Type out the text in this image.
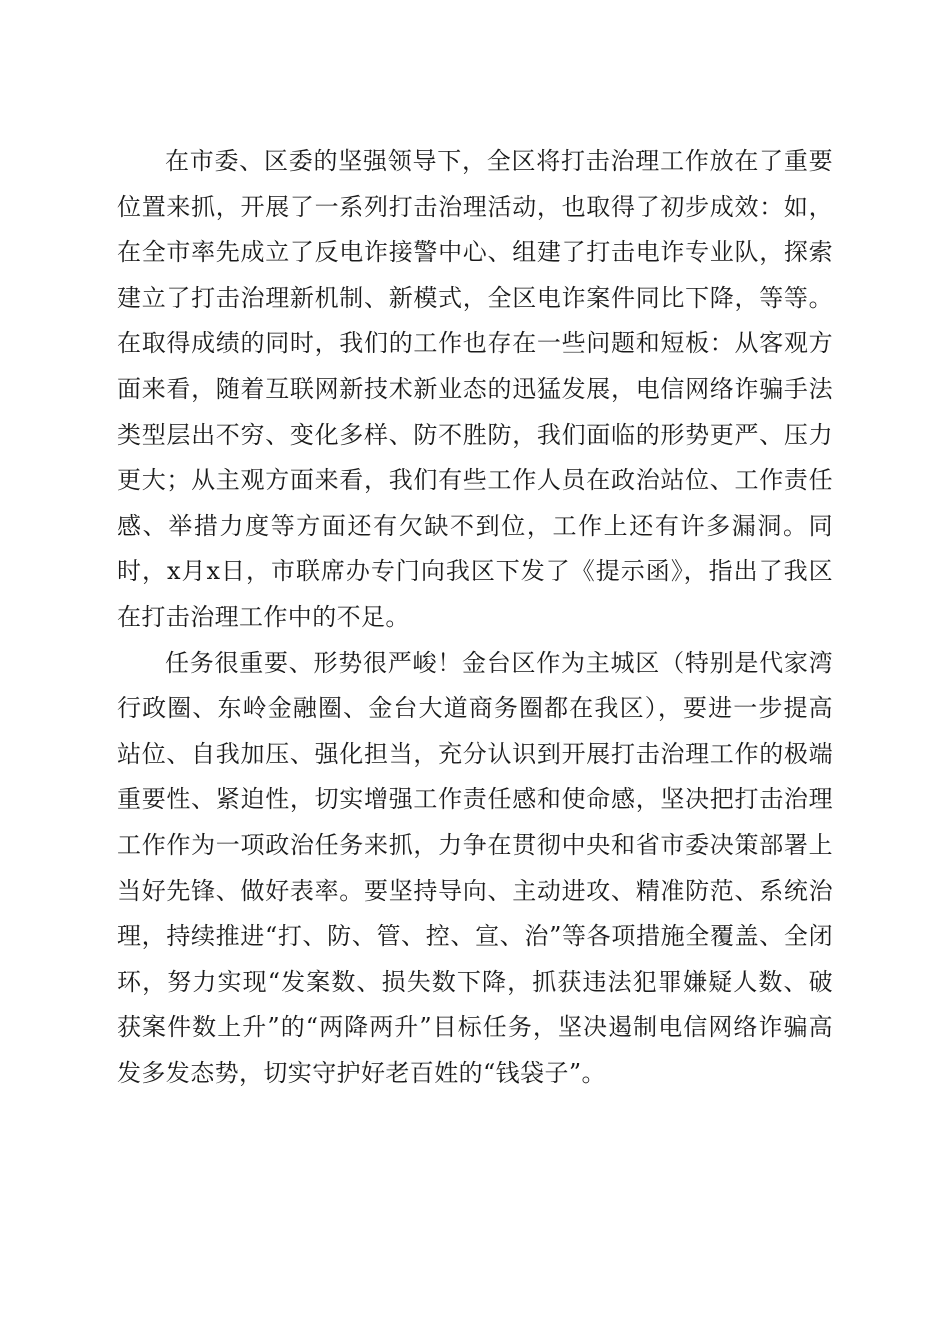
在市委、区委的坚强领导下，全区将打击治理工作放在了重要位置来抓，开展了一系列打击治理活动，也取得了初步成效：如，在全市率先成立了反电诈接警中心、组建了打击电诈专业队，探索建立了打击治理新机制、新模式，全区电诈案件同比下降，等等。在取得成绩的同时，我们的工作也存在一些问题和短板：从客观方面来看，随着互联网新技术新业态的迅猛发展，电信网络诈骗手法类型层出不穷、变化多样、防不胜防，我们面临的形势更严、压力更大；从主观方面来看，我们有些工作人员在政治站位、工作责任感、举措力度等方面还有欠缺不到位，工作上还有许多漏洞。同时，x月x日，市联席办专门向我区下发了《提示函》，指出了我区在打击治理工作中的不足。

任务很重要、形势很严峻！金台区作为主城区（特别是代家湾行政圈、东岭金融圈、金台大道商务圈都在我区），要进一步提高站位、自我加压、强化担当，充分认识到开展打击治理工作的极端重要性、紧迫性，切实增强工作责任感和使命感，坚决把打击治理工作作为一项政治任务来抓，力争在贯彻中央和省市委决策部署上当好先锋、做好表率。要坚持导向、主动进攻、精准防范、系统治理，持续推进“打、防、管、控、宣、治”等各项措施全覆盖、全闭环，努力实现“发案数、损失数下降，抓获违法犯罪嫌疑人数、破获案件数上升”的“两降两升”目标任务，坚决遏制电信网络诈骗高发多发态势，切实守护好老百姓的“钱袋子”。
